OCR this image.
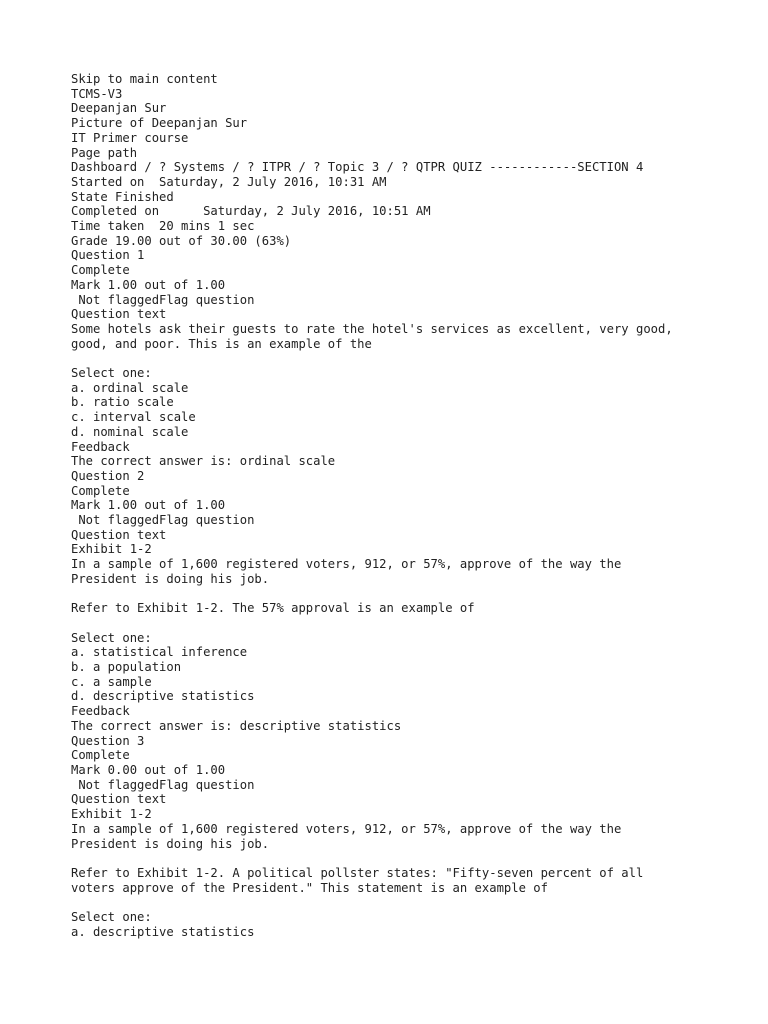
Skip to main content
TCMS-V3
Deepanjan Sur
Picture of Deepanjan Sur
IT Primer course
Page path
Dashboard / ? Systems / ? ITPR / ? Topic 3 / ? QTPR QUIZ ------------SECTION 4
Started on  Saturday, 2 July 2016, 10:31 AM
State Finished
Completed on      Saturday, 2 July 2016, 10:51 AM
Time taken  20 mins 1 sec
Grade 19.00 out of 30.00 (63%)
Question 1
Complete
Mark 1.00 out of 1.00
Not flaggedFlag question
Question text
Some hotels ask their guests to rate the hotel's services as excellent, very good,
good, and poor. This is an example of the
Select one:
a. ordinal scale
b. ratio scale
c. interval scale
d. nominal scale
Feedback
The correct answer is: ordinal scale
Question 2
Complete
Mark 1.00 out of 1.00
Not flaggedFlag question
Question text
Exhibit 1-2
In a sample of 1,600 registered voters, 912, or 57%, approve of the way the
President is doing his job.
Refer to Exhibit 1-2. The 57% approval is an example of
Select one:
a. statistical inference
b. a population
c. a sample
d. descriptive statistics
Feedback
The correct answer is: descriptive statistics
Question 3
Complete
Mark 0.00 out of 1.00
Not flaggedFlag question
Question text
Exhibit 1-2
In a sample of 1,600 registered voters, 912, or 57%, approve of the way the
President is doing his job.
Refer to Exhibit 1-2. A political pollster states: "Fifty-seven percent of all
voters approve of the President." This statement is an example of
Select one:
a. descriptive statistics
